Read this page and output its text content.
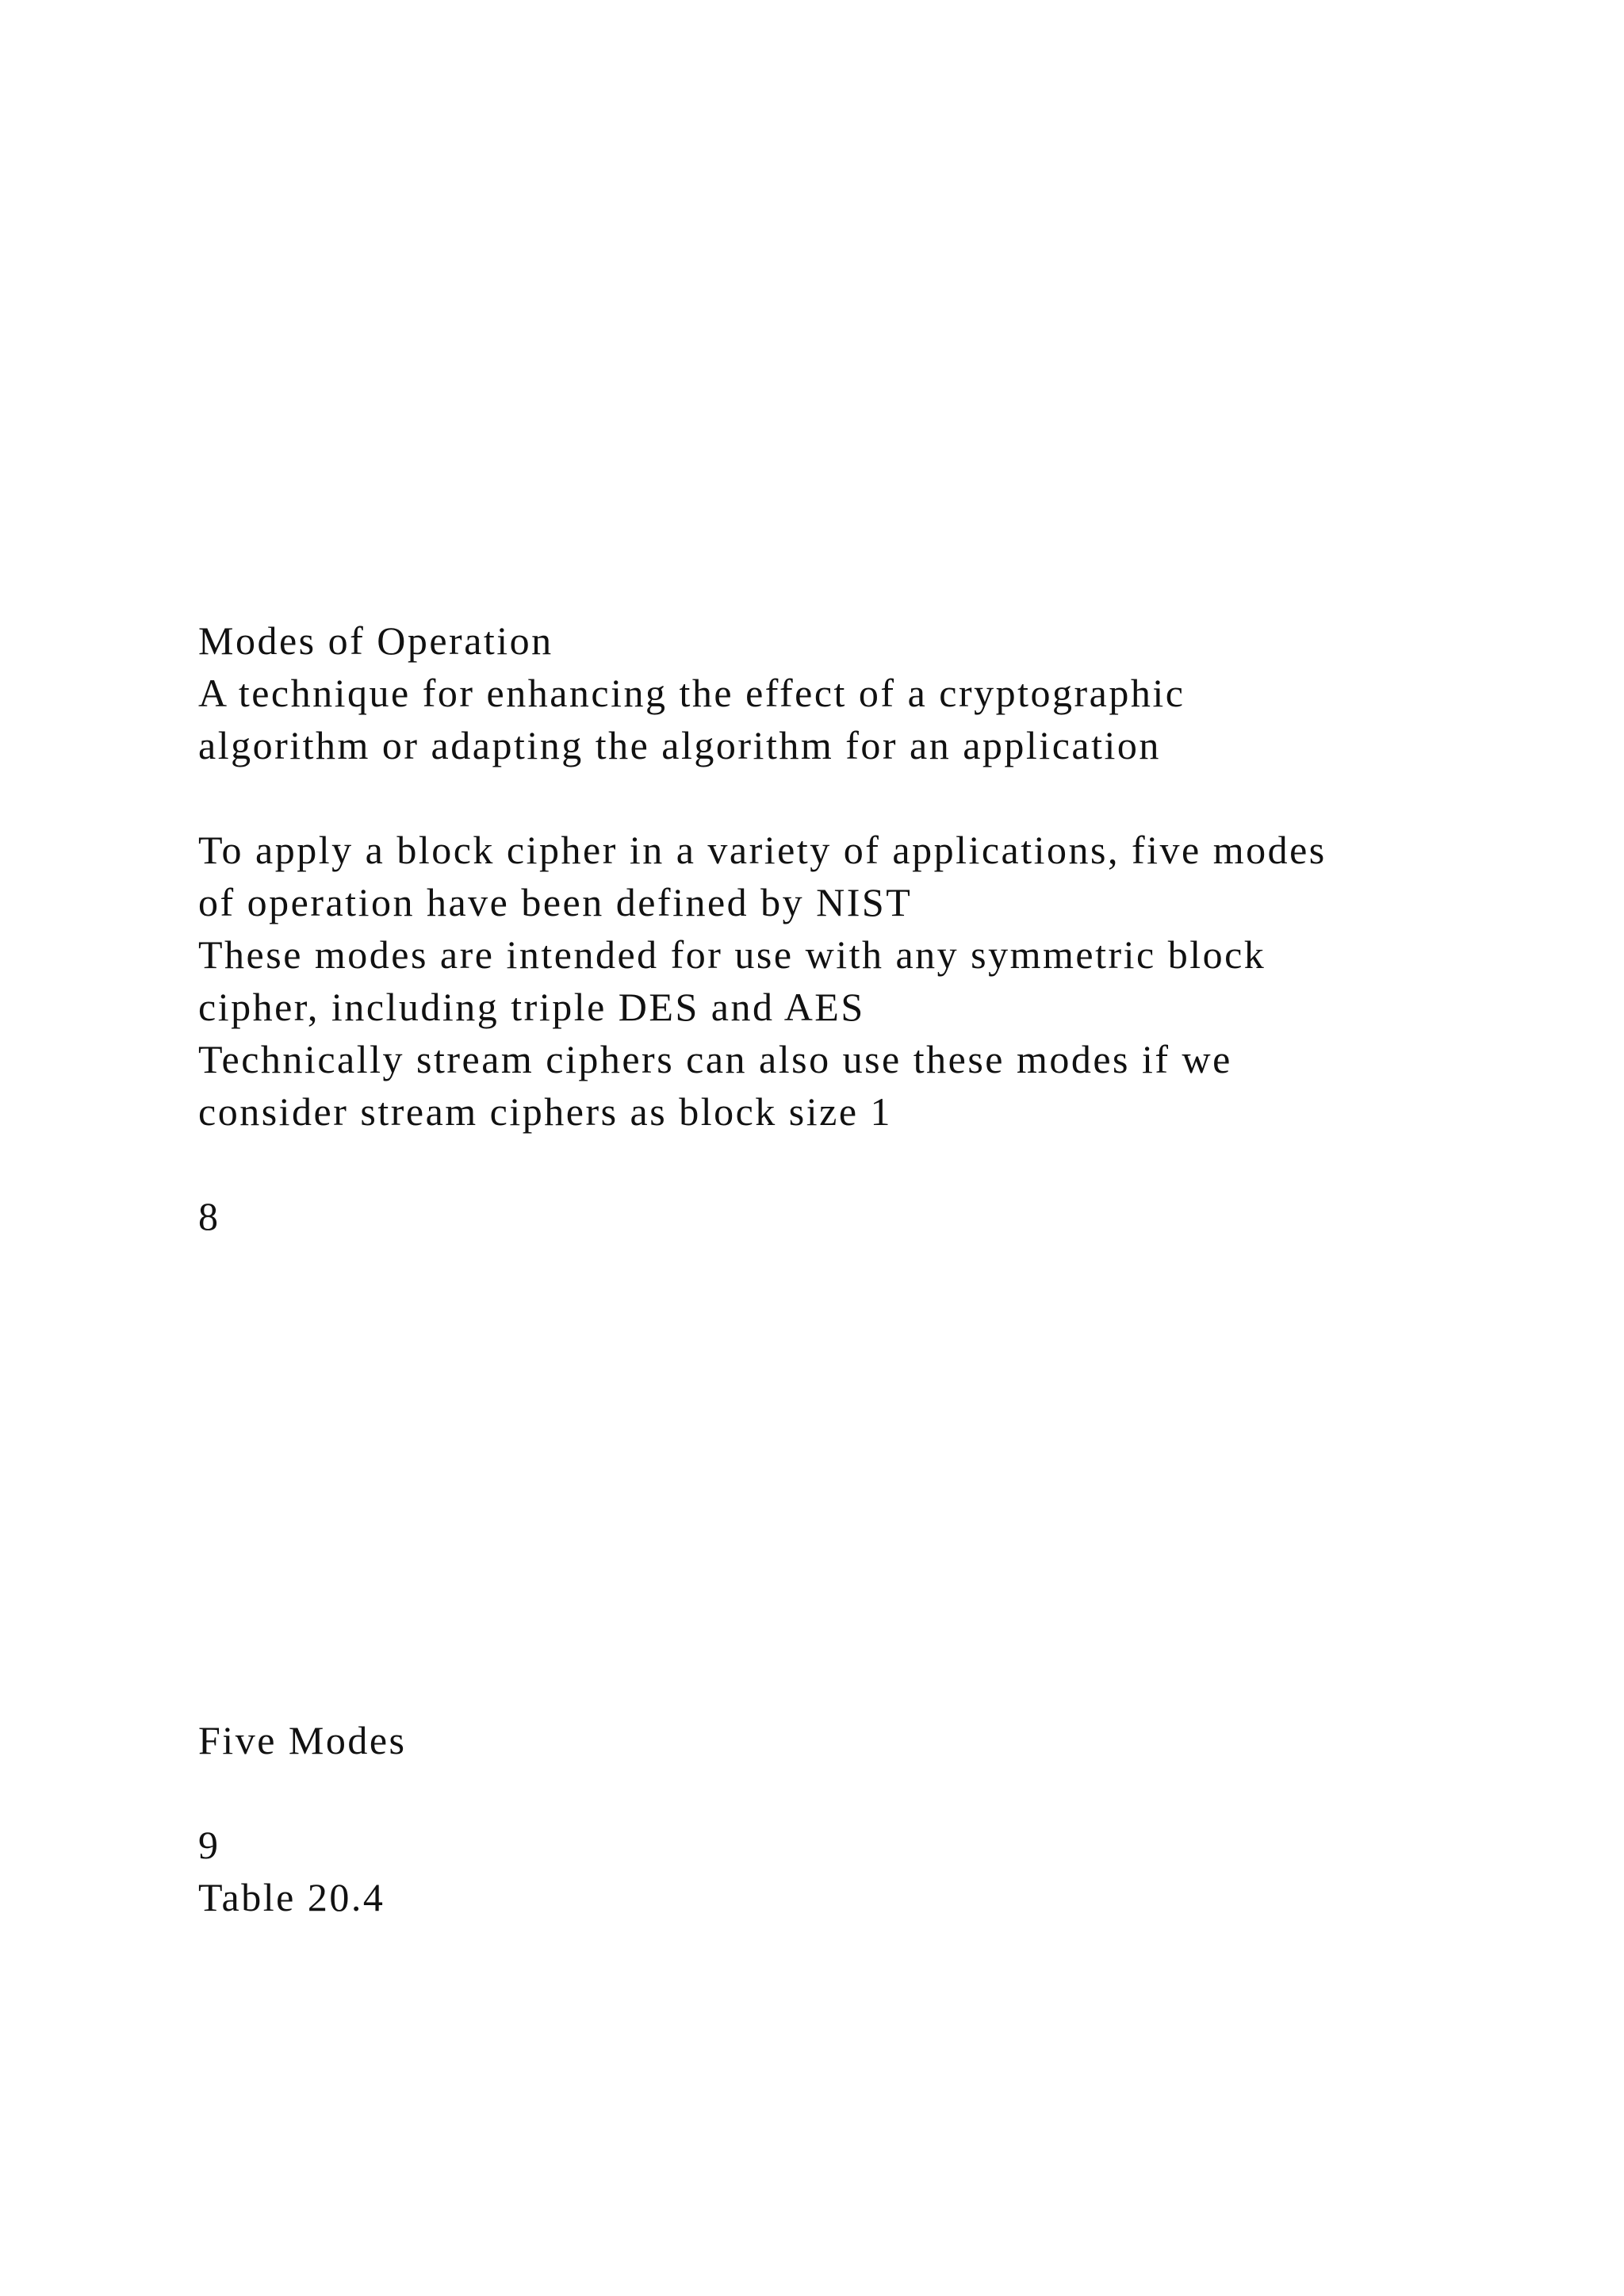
Modes of Operation
A technique for enhancing the effect of a cryptographic
algorithm or adapting the algorithm for an application
To apply a block cipher in a variety of applications, five modes
of operation have been defined by NIST
These modes are intended for use with any symmetric block
cipher, including triple DES and AES
Technically stream ciphers can also use these modes if we
consider stream ciphers as block size 1
8
Five Modes
9
Table 20.4
